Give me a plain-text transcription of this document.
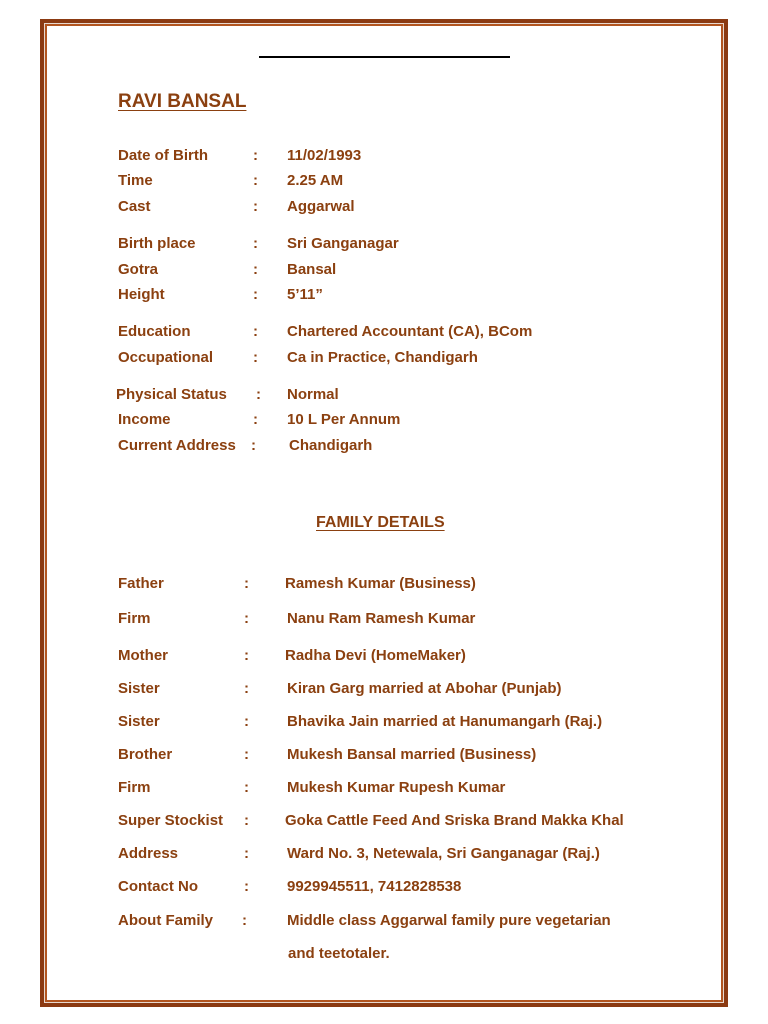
RAVI BANSAL
Date of Birth	: 11/02/1993
Time	: 2.25 AM
Cast	: Aggarwal
Birth place	: Sri Ganganagar
Gotra	: Bansal
Height	: 5’11”
Education	: Chartered Accountant (CA), BCom
Occupational	: Ca in Practice, Chandigarh
Physical Status : Normal
Income	: 10 L Per Annum
Current Address : Chandigarh
FAMILY DETAILS
Father	: Ramesh Kumar (Business)
Firm	:	Nanu Ram Ramesh Kumar
Mother	: Radha Devi (HomeMaker)
Sister	:	Kiran Garg married at Abohar (Punjab)
Sister	:	Bhavika Jain married at Hanumangarh (Raj.)
Brother	:	Mukesh Bansal married (Business)
Firm	:	Mukesh Kumar Rupesh Kumar
Super Stockist : Goka Cattle Feed And Sriska Brand Makka Khal
Address	:	Ward No. 3, Netewala, Sri Ganganagar (Raj.)
Contact No	:	9929945511, 7412828538
About Family :	Middle class Aggarwal family pure vegetarian
and teetotaler.
